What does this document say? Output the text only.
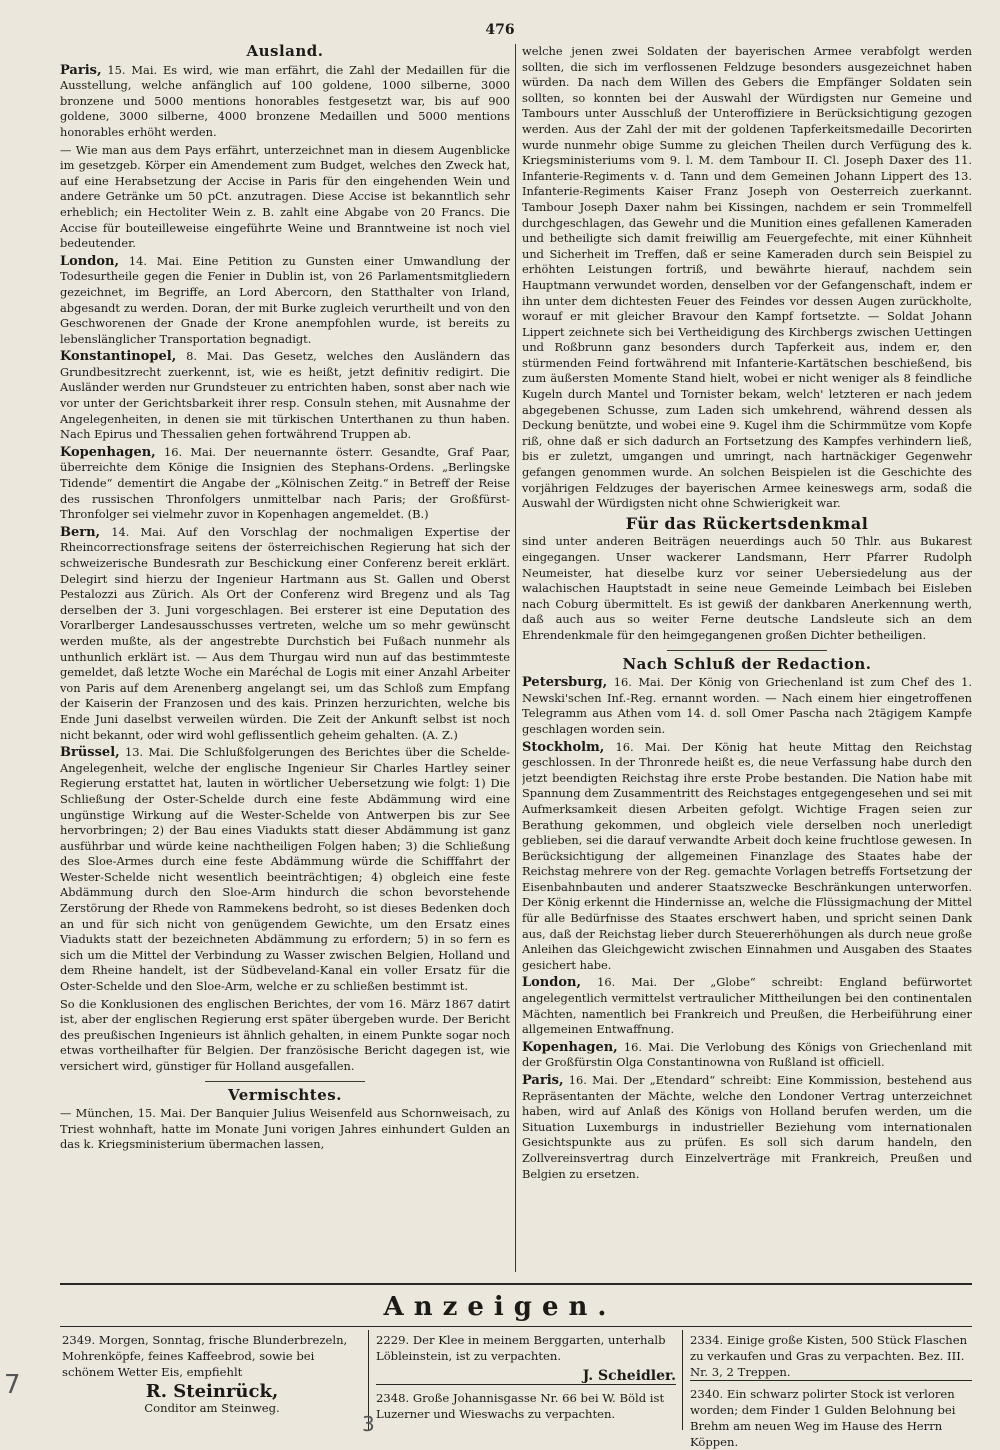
476
Ausland.

Paris, 15. Mai. Es wird, wie man erfährt, die Zahl der Medaillen für die Ausstellung, welche anfänglich auf 100 goldene, 1000 silberne, 3000 bronzene und 5000 mentions honorables festgesetzt war, bis auf 900 goldene, 3000 silberne, 4000 bronzene Medaillen und 5000 mentions honorables erhöht werden.

— Wie man aus dem Pays erfährt, unterzeichnet man in diesem Augenblicke im gesetzgeb. Körper ein Amendement zum Budget, welches den Zweck hat, auf eine Herabsetzung der Accise in Paris für den eingehenden Wein und andere Getränke um 50 pCt. anzutragen. Diese Accise ist bekanntlich sehr erheblich; ein Hectoliter Wein z. B. zahlt eine Abgabe von 20 Francs. Die Accise für bouteilleweise eingeführte Weine und Branntweine ist noch viel bedeutender.

London, 14. Mai. Eine Petition zu Gunsten einer Umwandlung der Todesurtheile gegen die Fenier in Dublin ist, von 26 Parlamentsmitgliedern gezeichnet, im Begriffe, an Lord Abercorn, den Statthalter von Irland, abgesandt zu werden. Doran, der mit Burke zugleich verurtheilt und von den Geschworenen der Gnade der Krone anempfohlen wurde, ist bereits zu lebenslänglicher Transportation begnadigt.

Konstantinopel, 8. Mai. Das Gesetz, welches den Ausländern das Grundbesitzrecht zuerkennt, ist, wie es heißt, jetzt definitiv redigirt. Die Ausländer werden nur Grundsteuer zu entrichten haben, sonst aber nach wie vor unter der Gerichtsbarkeit ihrer resp. Consuln stehen, mit Ausnahme der Angelegenheiten, in denen sie mit türkischen Unterthanen zu thun haben. Nach Epirus und Thessalien gehen fortwährend Truppen ab.

Kopenhagen, 16. Mai. Der neuernannte österr. Gesandte, Graf Paar, überreichte dem Könige die Insignien des Stephans-Ordens. „Berlingske Tidende“ dementirt die Angabe der „Kölnischen Zeitg.“ in Betreff der Reise des russischen Thronfolgers unmittelbar nach Paris; der Großfürst-Thronfolger sei vielmehr zuvor in Kopenhagen angemeldet. (B.)

Bern, 14. Mai. Auf den Vorschlag der nochmaligen Expertise der Rheincorrectionsfrage seitens der österreichischen Regierung hat sich der schweizerische Bundesrath zur Beschickung einer Conferenz bereit erklärt. Delegirt sind hierzu der Ingenieur Hartmann aus St. Gallen und Oberst Pestalozzi aus Zürich. Als Ort der Conferenz wird Bregenz und als Tag derselben der 3. Juni vorgeschlagen. Bei ersterer ist eine Deputation des Vorarlberger Landesausschusses vertreten, welche um so mehr gewünscht werden mußte, als der angestrebte Durchstich bei Fußach nunmehr als unthunlich erklärt ist. — Aus dem Thurgau wird nun auf das bestimmteste gemeldet, daß letzte Woche ein Maréchal de Logis mit einer Anzahl Arbeiter von Paris auf dem Arenenberg angelangt sei, um das Schloß zum Empfang der Kaiserin der Franzosen und des kais. Prinzen herzurichten, welche bis Ende Juni daselbst verweilen würden. Die Zeit der Ankunft selbst ist noch nicht bekannt, oder wird wohl geflissentlich geheim gehalten. (A. Z.)

Brüssel, 13. Mai. Die Schlußfolgerungen des Berichtes über die Schelde-Angelegenheit, welche der englische Ingenieur Sir Charles Hartley seiner Regierung erstattet hat, lauten in wörtlicher Uebersetzung wie folgt: 1) Die Schließung der Oster-Schelde durch eine feste Abdämmung wird eine ungünstige Wirkung auf die Wester-Schelde von Antwerpen bis zur See hervorbringen; 2) der Bau eines Viadukts statt dieser Abdämmung ist ganz ausführbar und würde keine nachtheiligen Folgen haben; 3) die Schließung des Sloe-Armes durch eine feste Abdämmung würde die Schifffahrt der Wester-Schelde nicht wesentlich beeinträchtigen; 4) obgleich eine feste Abdämmung durch den Sloe-Arm hindurch die schon bevorstehende Zerstörung der Rhede von Rammekens bedroht, so ist dieses Bedenken doch an und für sich nicht von genügendem Gewichte, um den Ersatz eines Viadukts statt der bezeichneten Abdämmung zu erfordern; 5) in so fern es sich um die Mittel der Verbindung zu Wasser zwischen Belgien, Holland und dem Rheine handelt, ist der Südbeveland-Kanal ein voller Ersatz für die Oster-Schelde und den Sloe-Arm, welche er zu schließen bestimmt ist.

So die Konklusionen des englischen Berichtes, der vom 16. März 1867 datirt ist, aber der englischen Regierung erst später übergeben wurde. Der Bericht des preußischen Ingenieurs ist ähnlich gehalten, in einem Punkte sogar noch etwas vortheilhafter für Belgien. Der französische Bericht dagegen ist, wie versichert wird, günstiger für Holland ausgefallen.

Vermischtes.

— München, 15. Mai. Der Banquier Julius Weisenfeld aus Schornweisach, zu Triest wohnhaft, hatte im Monate Juni vorigen Jahres einhundert Gulden an das k. Kriegsministerium übermachen lassen,

welche jenen zwei Soldaten der bayerischen Armee verabfolgt werden sollten, die sich im verflossenen Feldzuge besonders ausgezeichnet haben würden. Da nach dem Willen des Gebers die Empfänger Soldaten sein sollten, so konnten bei der Auswahl der Würdigsten nur Gemeine und Tambours unter Ausschluß der Unteroffiziere in Berücksichtigung gezogen werden. Aus der Zahl der mit der goldenen Tapferkeitsmedaille Decorirten wurde nunmehr obige Summe zu gleichen Theilen durch Verfügung des k. Kriegsministeriums vom 9. l. M. dem Tambour II. Cl. Joseph Daxer des 11. Infanterie-Regiments v. d. Tann und dem Gemeinen Johann Lippert des 13. Infanterie-Regiments Kaiser Franz Joseph von Oesterreich zuerkannt. Tambour Joseph Daxer nahm bei Kissingen, nachdem er sein Trommelfell durchgeschlagen, das Gewehr und die Munition eines gefallenen Kameraden und betheiligte sich damit freiwillig am Feuergefechte, mit einer Kühnheit und Sicherheit im Treffen, daß er seine Kameraden durch sein Beispiel zu erhöhten Leistungen fortriß, und bewährte hierauf, nachdem sein Hauptmann verwundet worden, denselben vor der Gefangenschaft, indem er ihn unter dem dichtesten Feuer des Feindes vor dessen Augen zurückholte, worauf er mit gleicher Bravour den Kampf fortsetzte. — Soldat Johann Lippert zeichnete sich bei Vertheidigung des Kirchbergs zwischen Uettingen und Roßbrunn ganz besonders durch Tapferkeit aus, indem er, den stürmenden Feind fortwährend mit Infanterie-Kartätschen beschießend, bis zum äußersten Momente Stand hielt, wobei er nicht weniger als 8 feindliche Kugeln durch Mantel und Tornister bekam, welch' letzteren er nach jedem abgegebenen Schusse, zum Laden sich umkehrend, während dessen als Deckung benützte, und wobei eine 9. Kugel ihm die Schirmmütze vom Kopfe riß, ohne daß er sich dadurch an Fortsetzung des Kampfes verhindern ließ, bis er zuletzt, umgangen und umringt, nach hartnäckiger Gegenwehr gefangen genommen wurde. An solchen Beispielen ist die Geschichte des vorjährigen Feldzuges der bayerischen Armee keineswegs arm, sodaß die Auswahl der Würdigsten nicht ohne Schwierigkeit war.

Für das Rückertsdenkmal

sind unter anderen Beiträgen neuerdings auch 50 Thlr. aus Bukarest eingegangen. Unser wackerer Landsmann, Herr Pfarrer Rudolph Neumeister, hat dieselbe kurz vor seiner Uebersiedelung aus der walachischen Hauptstadt in seine neue Gemeinde Leimbach bei Eisleben nach Coburg übermittelt. Es ist gewiß der dankbaren Anerkennung werth, daß auch aus so weiter Ferne deutsche Landsleute sich an dem Ehrendenkmale für den heimgegangenen großen Dichter betheiligen.

Nach Schluß der Redaction.

Petersburg, 16. Mai. Der König von Griechenland ist zum Chef des 1. Newski'schen Inf.-Reg. ernannt worden. — Nach einem hier eingetroffenen Telegramm aus Athen vom 14. d. soll Omer Pascha nach 2tägigem Kampfe geschlagen worden sein.

Stockholm, 16. Mai. Der König hat heute Mittag den Reichstag geschlossen. In der Thronrede heißt es, die neue Verfassung habe durch den jetzt beendigten Reichstag ihre erste Probe bestanden. Die Nation habe mit Spannung dem Zusammentritt des Reichstages entgegengesehen und sei mit Aufmerksamkeit diesen Arbeiten gefolgt. Wichtige Fragen seien zur Berathung gekommen, und obgleich viele derselben noch unerledigt geblieben, sei die darauf verwandte Arbeit doch keine fruchtlose gewesen. In Berücksichtigung der allgemeinen Finanzlage des Staates habe der Reichstag mehrere von der Reg. gemachte Vorlagen betreffs Fortsetzung der Eisenbahnbauten und anderer Staatszwecke Beschränkungen unterworfen. Der König erkennt die Hindernisse an, welche die Flüssigmachung der Mittel für alle Bedürfnisse des Staates erschwert haben, und spricht seinen Dank aus, daß der Reichstag lieber durch Steuererhöhungen als durch neue große Anleihen das Gleichgewicht zwischen Einnahmen und Ausgaben des Staates gesichert habe.

London, 16. Mai. Der „Globe“ schreibt: England befürwortet angelegentlich vermittelst vertraulicher Mittheilungen bei den continentalen Mächten, namentlich bei Frankreich und Preußen, die Herbeiführung einer allgemeinen Entwaffnung.

Kopenhagen, 16. Mai. Die Verlobung des Königs von Griechenland mit der Großfürstin Olga Constantinowna von Rußland ist officiell.

Paris, 16. Mai. Der „Etendard“ schreibt: Eine Kommission, bestehend aus Repräsentanten der Mächte, welche den Londoner Vertrag unterzeichnet haben, wird auf Anlaß des Königs von Holland berufen werden, um die Situation Luxemburgs in industrieller Beziehung vom internationalen Gesichtspunkte aus zu prüfen. Es soll sich darum handeln, den Zollvereinsvertrag durch Einzelverträge mit Frankreich, Preußen und Belgien zu ersetzen.

Anzeigen.
2349. Morgen, Sonntag, frische Blunderbrezeln, Mohrenköpfe, feines Kaffeebrod, sowie bei schönem Wetter Eis, empfiehlt
R. Steinrück,
Conditor am Steinweg.
2229. Der Klee in meinem Berggarten, unterhalb Löbleinstein, ist zu verpachten.
J. Scheidler.
2348. Große Johannisgasse Nr. 66 bei W. Böld ist Luzerner und Wieswachs zu verpachten.
2334. Einige große Kisten, 500 Stück Flaschen zu verkaufen und Gras zu verpachten. Bez. III. Nr. 3, 2 Treppen.
2340. Ein schwarz polirter Stock ist verloren worden; dem Finder 1 Gulden Belohnung bei Brehm am neuen Weg im Hause des Herrn Köppen.
7
3
